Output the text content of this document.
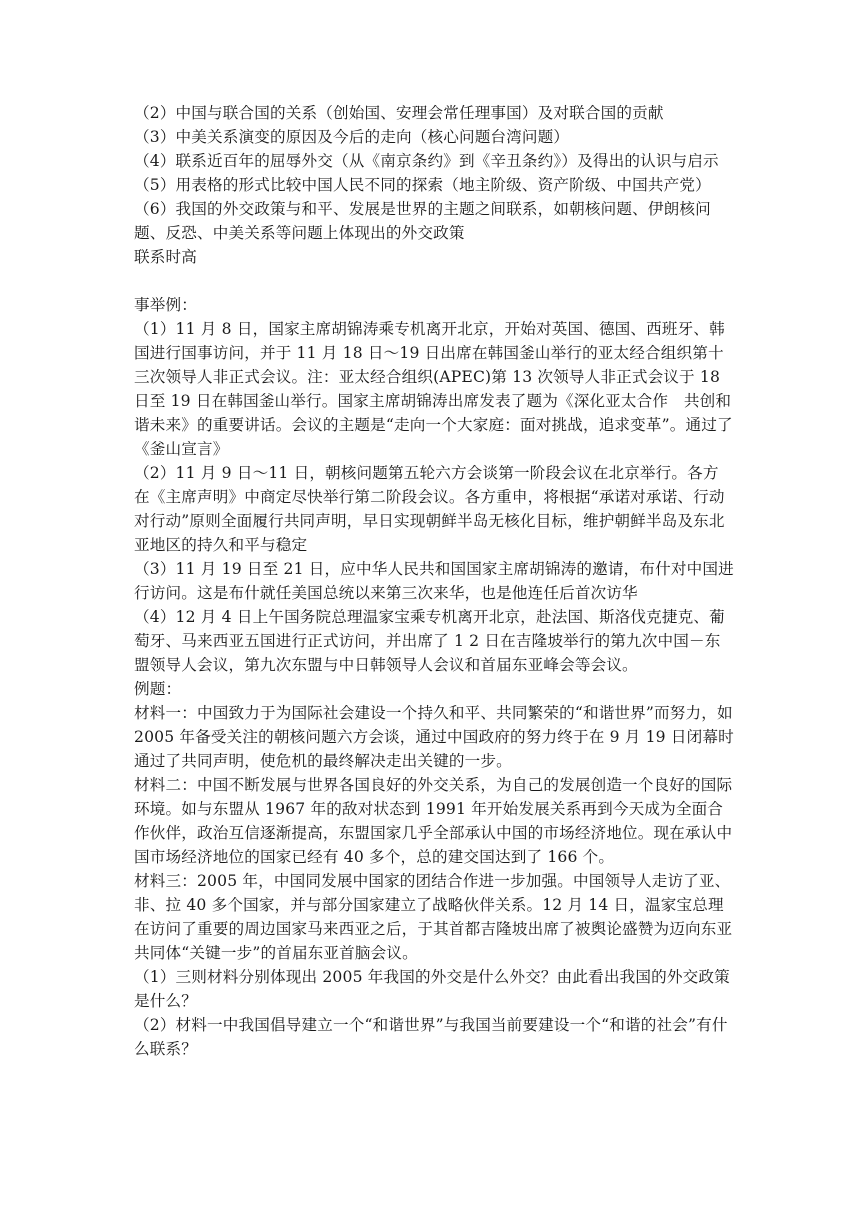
（2）中国与联合国的关系（创始国、安理会常任理事国）及对联合国的贡献

（3）中美关系演变的原因及今后的走向（核心问题台湾问题）

（4）联系近百年的屈辱外交（从《南京条约》到《辛丑条约》）及得出的认识与启示

（5）用表格的形式比较中国人民不同的探索（地主阶级、资产阶级、中国共产党）

（6）我国的外交政策与和平、发展是世界的主题之间联系，如朝核问题、伊朗核问题、反恐、中美关系等问题上体现出的外交政策

联系时高

事举例：

（1）11 月 8 日，国家主席胡锦涛乘专机离开北京，开始对英国、德国、西班牙、韩国进行国事访问，并于 11 月 18 日～19 日出席在韩国釜山举行的亚太经合组织第十三次领导人非正式会议。注：亚太经合组织(APEC)第 13 次领导人非正式会议于 18 日至 19 日在韩国釜山举行。国家主席胡锦涛出席发表了题为《深化亚太合作　共创和谐未来》的重要讲话。会议的主题是“走向一个大家庭：面对挑战，追求变革”。通过了《釜山宣言》

（2）11 月 9 日～11 日，朝核问题第五轮六方会谈第一阶段会议在北京举行。各方在《主席声明》中商定尽快举行第二阶段会议。各方重申，将根据“承诺对承诺、行动对行动”原则全面履行共同声明，早日实现朝鲜半岛无核化目标，维护朝鲜半岛及东北亚地区的持久和平与稳定

（3）11 月 19 日至 21 日，应中华人民共和国国家主席胡锦涛的邀请，布什对中国进行访问。这是布什就任美国总统以来第三次来华，也是他连任后首次访华

（4）12 月 4 日上午国务院总理温家宝乘专机离开北京，赴法国、斯洛伐克捷克、葡萄牙、马来西亚五国进行正式访问，并出席了 1 2 日在吉隆坡举行的第九次中国－东盟领导人会议，第九次东盟与中日韩领导人会议和首届东亚峰会等会议。

例题：

材料一：中国致力于为国际社会建设一个持久和平、共同繁荣的“和谐世界”而努力，如 2005 年备受关注的朝核问题六方会谈，通过中国政府的努力终于在 9 月 19 日闭幕时通过了共同声明，使危机的最终解决走出关键的一步。

材料二：中国不断发展与世界各国良好的外交关系，为自己的发展创造一个良好的国际环境。如与东盟从 1967 年的敌对状态到 1991 年开始发展关系再到今天成为全面合作伙伴，政治互信逐渐提高，东盟国家几乎全部承认中国的市场经济地位。现在承认中国市场经济地位的国家已经有 40 多个，总的建交国达到了 166 个。

材料三：2005 年，中国同发展中国家的团结合作进一步加强。中国领导人走访了亚、非、拉 40 多个国家，并与部分国家建立了战略伙伴关系。12 月 14 日，温家宝总理在访问了重要的周边国家马来西亚之后，于其首都吉隆坡出席了被舆论盛赞为迈向东亚共同体“关键一步”的首届东亚首脑会议。

（1）三则材料分别体现出 2005 年我国的外交是什么外交？由此看出我国的外交政策是什么？

（2）材料一中我国倡导建立一个“和谐世界”与我国当前要建设一个“和谐的社会”有什么联系？
